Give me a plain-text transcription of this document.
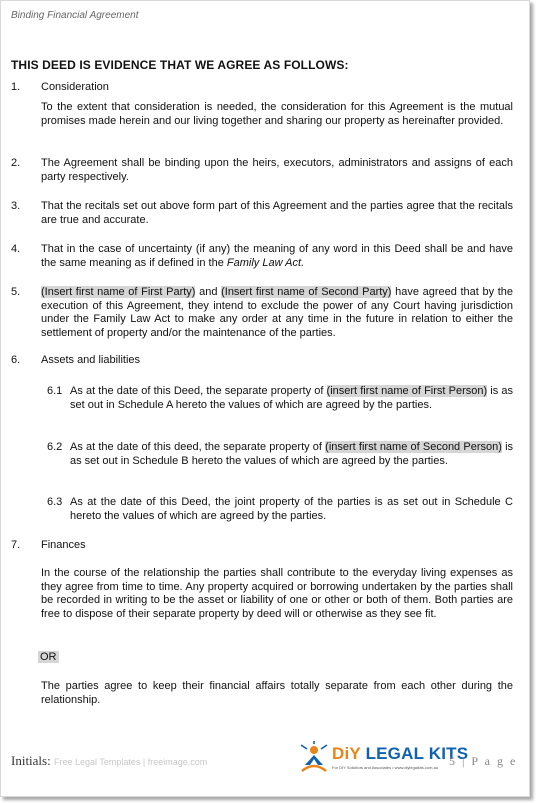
Binding Financial Agreement
THIS DEED IS EVIDENCE THAT WE AGREE AS FOLLOWS:
1. Consideration
To the extent that consideration is needed, the consideration for this Agreement is the mutual promises made herein and our living together and sharing our property as hereinafter provided.
2. The Agreement shall be binding upon the heirs, executors, administrators and assigns of each party respectively.
3. That the recitals set out above form part of this Agreement and the parties agree that the recitals are true and accurate.
4. That in the case of uncertainty (if any) the meaning of any word in this Deed shall be and have the same meaning as if defined in the Family Law Act.
5. (Insert first name of First Party) and (Insert first name of Second Party) have agreed that by the execution of this Agreement, they intend to exclude the power of any Court having jurisdiction under the Family Law Act to make any order at any time in the future in relation to either the settlement of property and/or the maintenance of the parties.
6. Assets and liabilities
6.1 As at the date of this Deed, the separate property of (insert first name of First Person) is as set out in Schedule A hereto the values of which are agreed by the parties.
6.2 As at the date of this deed, the separate property of (insert first name of Second Person) is as set out in Schedule B hereto the values of which are agreed by the parties.
6.3 As at the date of this Deed, the joint property of the parties is as set out in Schedule C hereto the values of which are agreed by the parties.
7. Finances
In the course of the relationship the parties shall contribute to the everyday living expenses as they agree from time to time. Any property acquired or borrowing undertaken by the parties shall be recorded in writing to be the asset or liability of one or other or both of them. Both parties are free to dispose of their separate property by deed will or otherwise as they see fit.
OR
The parties agree to keep their financial affairs totally separate from each other during the relationship.
Initials: Free Legal Templates | freeimage.com	DiY LEGAL KITS
For DIY Solicitors and Associates • www.diylegalkits.com.au 5 | P a g e
